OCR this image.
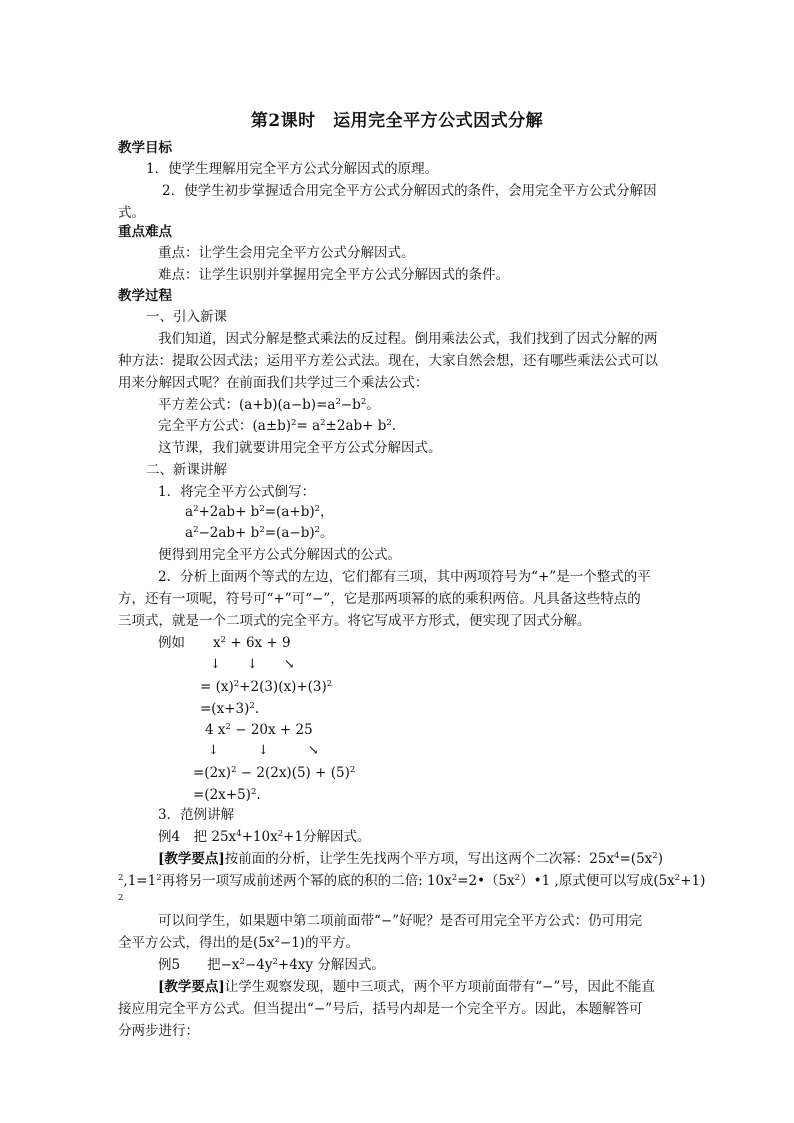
第2课时　运用完全平方公式因式分解
教学目标
1．使学生理解用完全平方公式分解因式的原理。
2．使学生初步掌握适合用完全平方公式分解因式的条件，会用完全平方公式分解因
式。
重点难点
重点：让学生会用完全平方公式分解因式。
难点：让学生识别并掌握用完全平方公式分解因式的条件。
教学过程
一、引入新课
我们知道，因式分解是整式乘法的反过程。倒用乘法公式，我们找到了因式分解的两
种方法：提取公因式法；运用平方差公式法。现在，大家自然会想，还有哪些乘法公式可以
用来分解因式呢？在前面我们共学过三个乘法公式：
平方差公式：$(a+b)(a-b)=a^2-b^2$。
完全平方公式：$(a\pm b)^2= a^2\pm 2ab+ b^2$.
这节课，我们就要讲用完全平方公式分解因式。
二、新课讲解
1．将完全平方公式倒写：
$a^2+2ab+ b^2=(a+b)^2$，
$a^2-2ab+ b^2=(a-b)^2$。
便得到用完全平方公式分解因式的公式。
2．分析上面两个等式的左边，它们都有三项，其中两项符号为“+”是一个整式的平
方，还有一项呢，符号可“+”可“−”，它是那两项幂的底的乘积两倍。凡具备这些特点的
三项式，就是一个二项式的完全平方。将它写成平方形式，便实现了因式分解。
例如 $x^2 + 6x + 9$
↓　　↓　　↘
= $(x)^2+2(3)(x)+(3)^2$
$=(x+3)^2$.
4 $x^2 - 20x + 25$
↓　　　↓　　　↘
$=(2x)^2 - 2(2x)(5) + (5)^2$
$=(2x+5)^2$.
3．范例讲解
例4　把 $25x^4+10x^2+1$分解因式。
[教学要点]按前面的分析，让学生先找两个平方项，写出这两个二次幂：$25x^4=(5x^2)$
$^2,1=1^2$再将另一项写成前述两个幂的底的积的二倍: $10x^2=2•(5x^2)•1$ ,原式便可以写成$(5x^2+1)$
$^2$
可以问学生，如果题中第二项前面带“−”好呢？是否可用完全平方公式：仍可用完
全平方公式，得出的是$(5x^2-1)$的平方。
例5　　把$-x^2-4y^2+4xy$ 分解因式。
[教学要点]让学生观察发现，题中三项式，两个平方项前面带有“−”号，因此不能直
接应用完全平方公式。但当提出“−”号后，括号内却是一个完全平方。因此，本题解答可
分两步进行：
